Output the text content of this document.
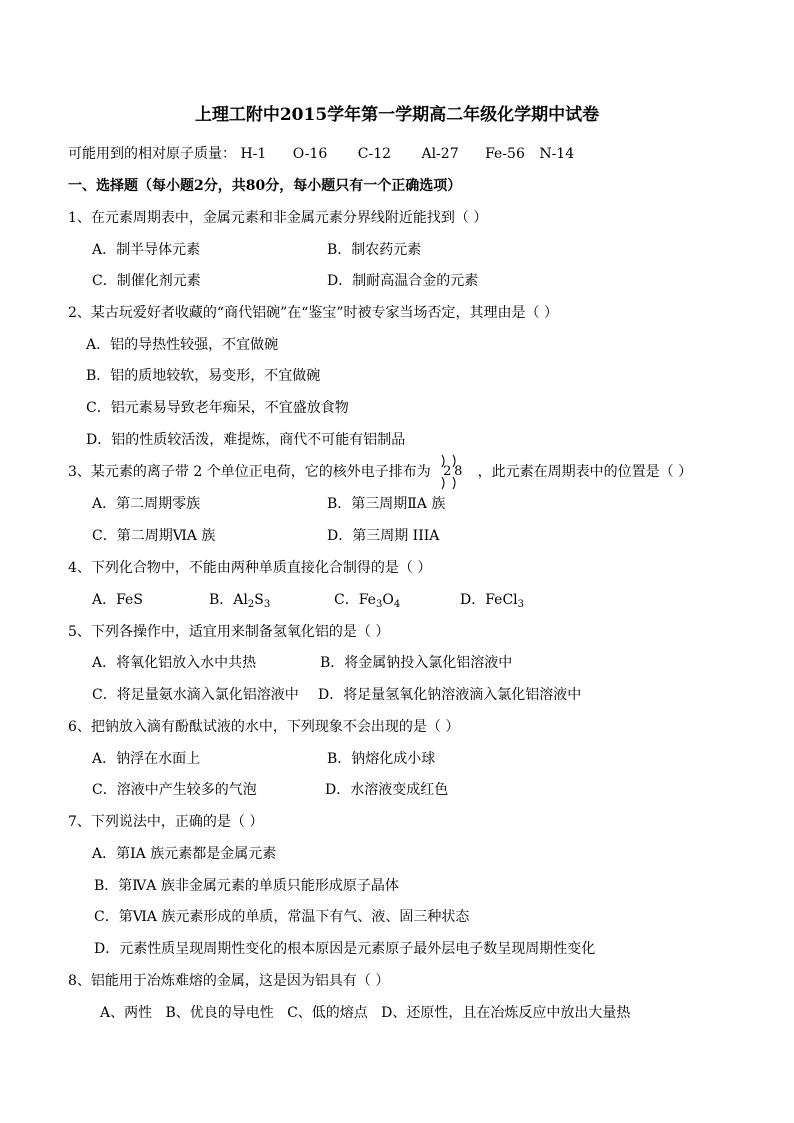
上理工附中2015学年第一学期高二年级化学期中试卷
可能用到的相对原子质量： H-1 O-16 C-12 Al-27 Fe-56 N-14
一、选择题（每小题2分，共80分，每小题只有一个正确选项）
1、在元素周期表中，金属元素和非金属元素分界线附近能找到（ ）
A．制半导体元素	B．制农药元素
C．制催化剂元素	D．制耐高温合金的元素
2、某古玩爱好者收藏的“商代铝碗”在“鉴宝”时被专家当场否定，其理由是（ ）
A．铝的导热性较强，不宜做碗
B．铝的质地较软，易变形，不宜做碗
C．铝元素易导致老年痴呆，不宜盛放食物
D．铝的性质较活泼，难提炼，商代不可能有铝制品
3、某元素的离子带 2 个单位正电荷，它的核外电子排布为 2 8 ，此元素在周期表中的位置是（ ）
A．第二周期零族	B．第三周期ⅡA 族
C．第二周期ⅥA 族	D．第三周期 IIIA
4、下列化合物中，不能由两种单质直接化合制得的是（ ）
A．FeS	B．$Al_2S_3$	C．$Fe_3O_4$	D．FeCl$_3$
5、下列各操作中，适宜用来制备氢氧化铝的是（ ）
A．将氧化铝放入水中共热	B．将金属钠投入氯化铝溶液中
C．将足量氨水滴入氯化铝溶液中 D．将足量氢氧化钠溶液滴入氯化铝溶液中
6、把钠放入滴有酚酞试液的水中，下列现象不会出现的是（ ）
A．钠浮在水面上	B．钠熔化成小球
C．溶液中产生较多的气泡	D．水溶液变成红色
7、下列说法中，正确的是（ ）
A．第ⅠA 族元素都是金属元素
B．第ⅣA 族非金属元素的单质只能形成原子晶体
C．第ⅥA 族元素形成的单质，常温下有气、液、固三种状态
D．元素性质呈现周期性变化的根本原因是元素原子最外层电子数呈现周期性变化
8、铝能用于冶炼难熔的金属，这是因为铝具有（ ）
A、两性   B、优良的导电性   C、低的熔点   D、还原性，且在冶炼反应中放出大量热
